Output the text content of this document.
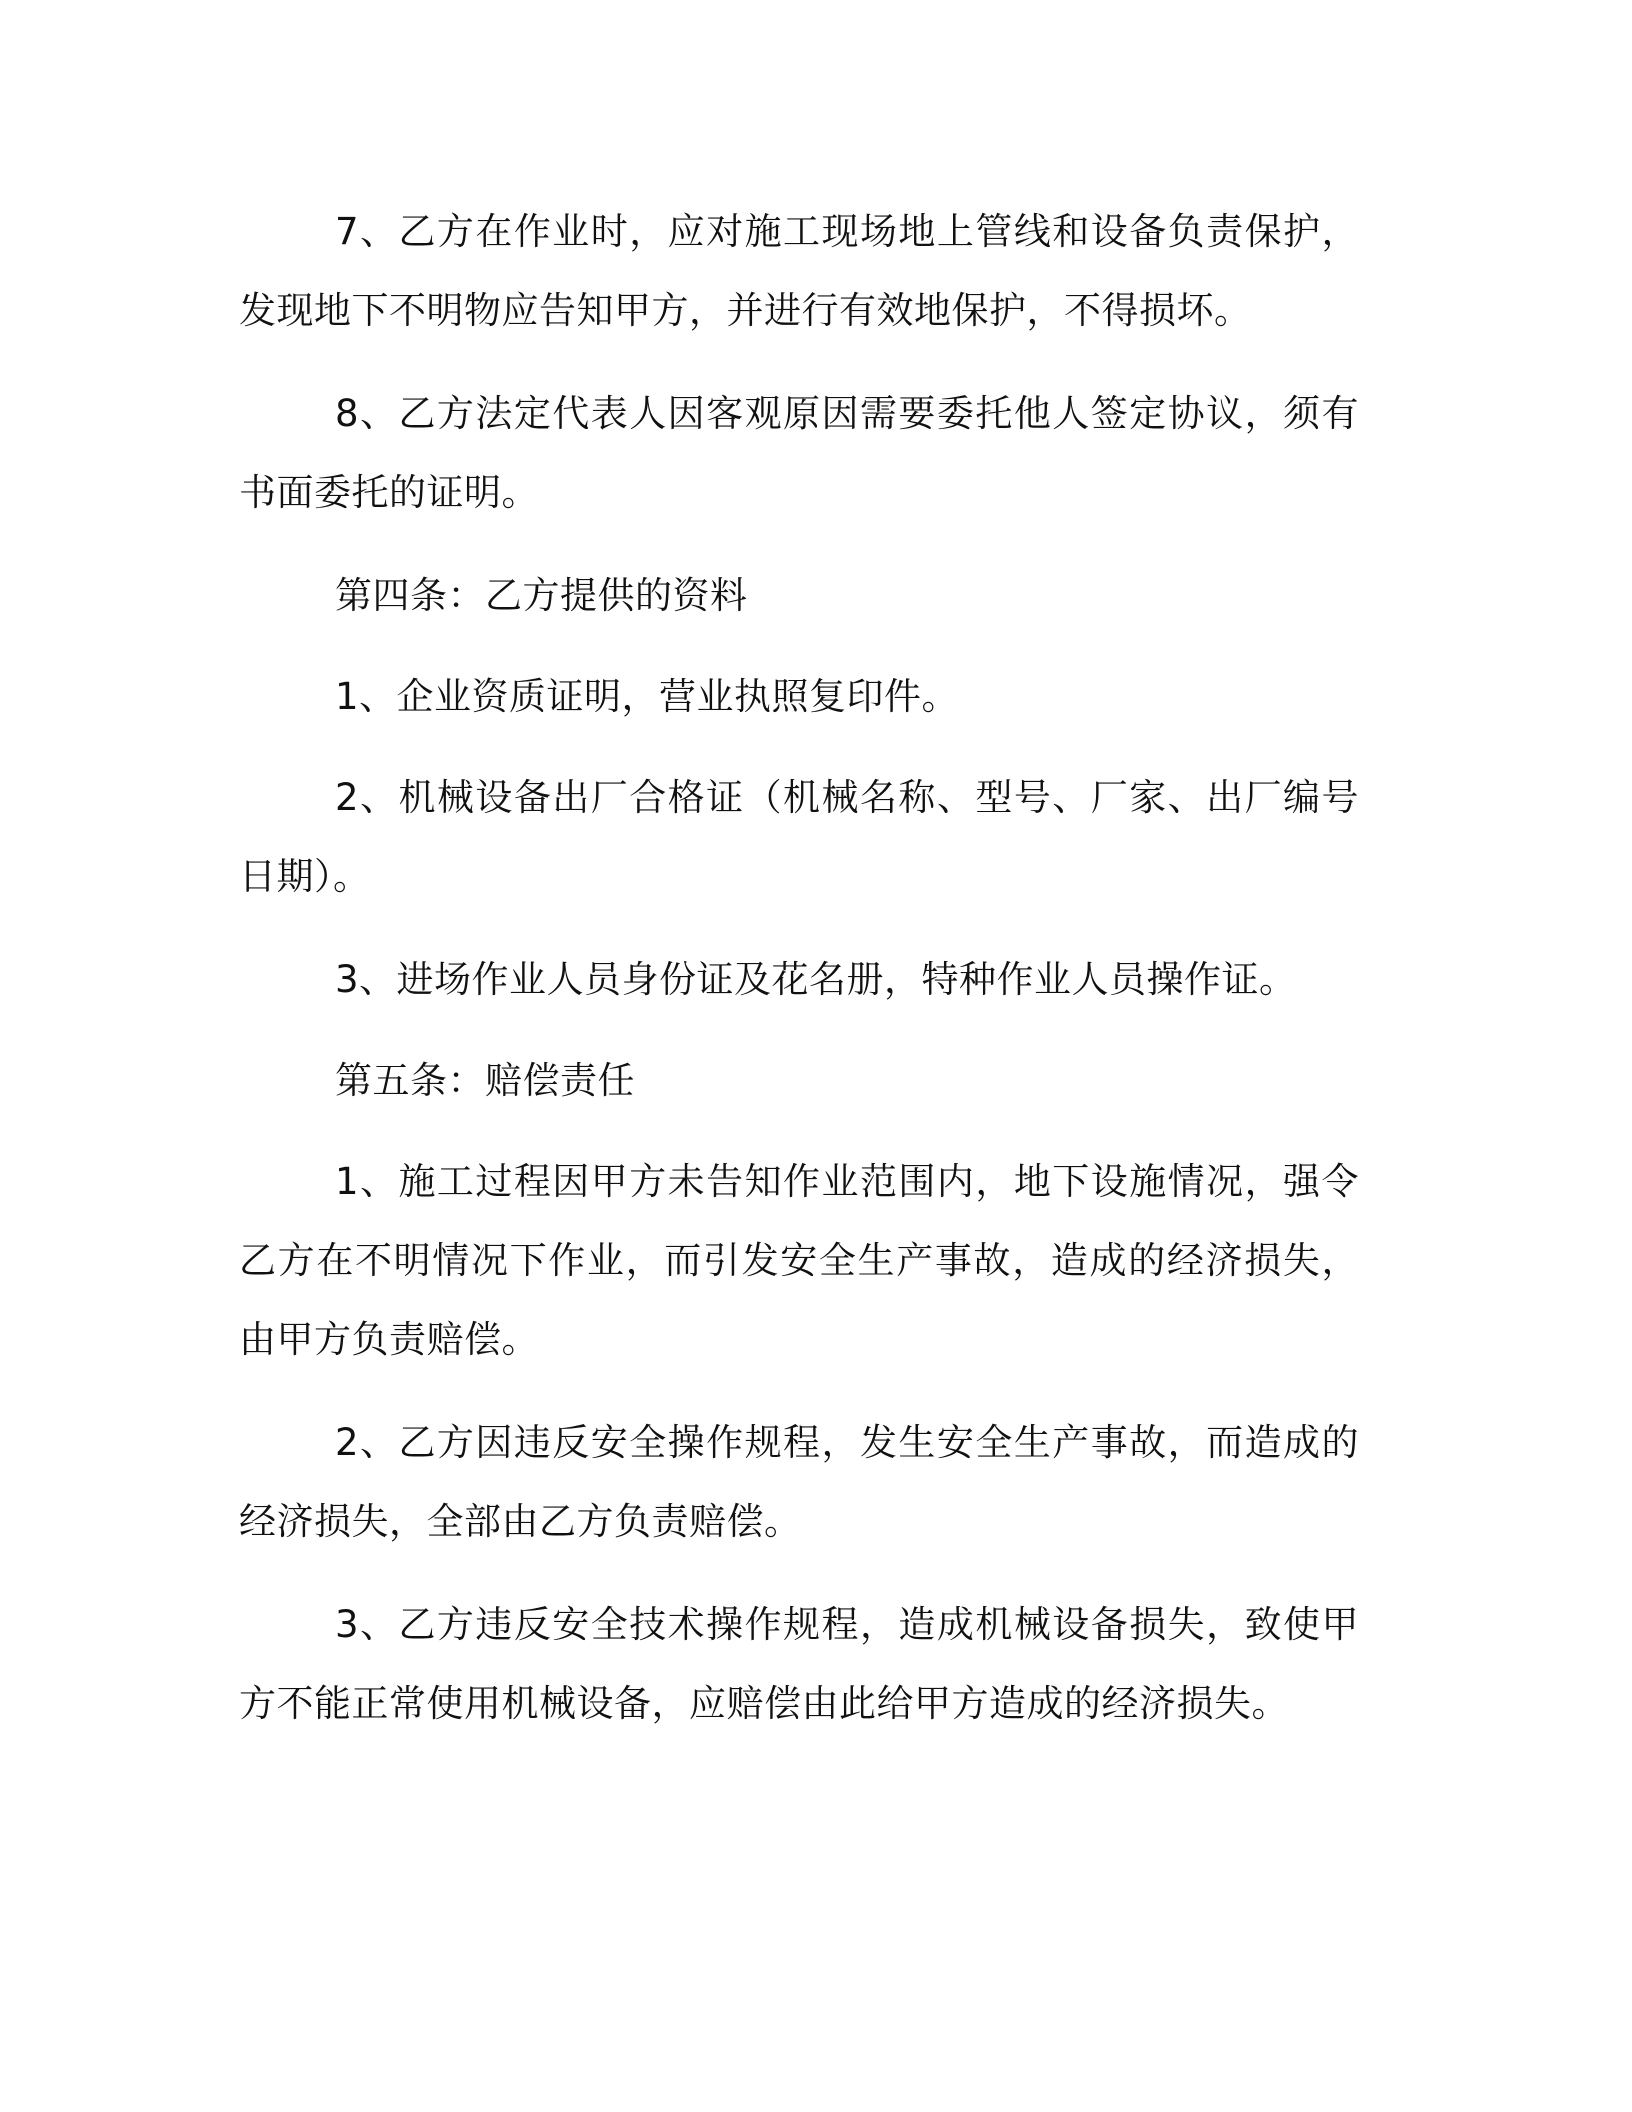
7、乙方在作业时，应对施工现场地上管线和设备负责保护，发现地下不明物应告知甲方，并进行有效地保护，不得损坏。

8、乙方法定代表人因客观原因需要委托他人签定协议，须有书面委托的证明。

第四条：乙方提供的资料

1、企业资质证明，营业执照复印件。

2、机械设备出厂合格证（机械名称、型号、厂家、出厂编号日期）。

3、进场作业人员身份证及花名册，特种作业人员操作证。

第五条：赔偿责任

1、施工过程因甲方未告知作业范围内，地下设施情况，强令乙方在不明情况下作业，而引发安全生产事故，造成的经济损失，由甲方负责赔偿。

2、乙方因违反安全操作规程，发生安全生产事故，而造成的经济损失，全部由乙方负责赔偿。

3、乙方违反安全技术操作规程，造成机械设备损失，致使甲方不能正常使用机械设备，应赔偿由此给甲方造成的经济损失。
